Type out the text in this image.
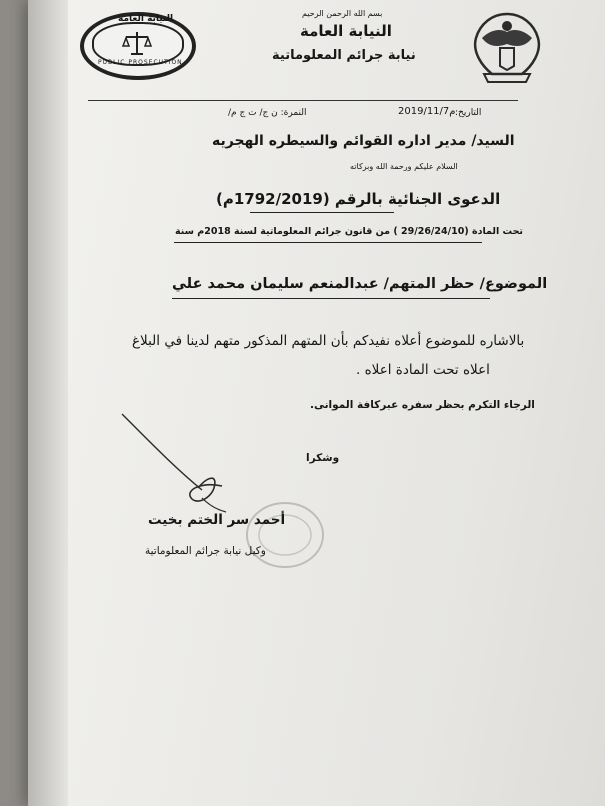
النيابة العامة
PUBLIC PROSECUTION
بسم الله الرحمن الرحيم
النيابة العامة
نيابة جرائم المعلوماتية
التاريخ:
2019/11/7م
النمرة: ن ج/ ت ج م/
السيد/ مدير اداره القوائم والسيطره الهجريه
السلام عليكم ورحمة الله وبركاته
الدعوى الجنائية بالرقم (1792/2019م)
تحت المادة (29/26/24/10 ) من قانون جرائم المعلوماتية لسنة 2018م سنة
الموضوع/ حظر المتهم/ عبدالمنعم سليمان محمد علي
بالاشاره للموضوع أعلاه نفيدكم بأن المتهم المذكور متهم لدينا في البلاغ
اعلاه تحت المادة اعلاه .
الرجاء التكرم بحظر سفره عبركافة الموانى.
وشكرا
أحمد سر الختم بخيت
وكيل نيابة جرائم المعلوماتية
